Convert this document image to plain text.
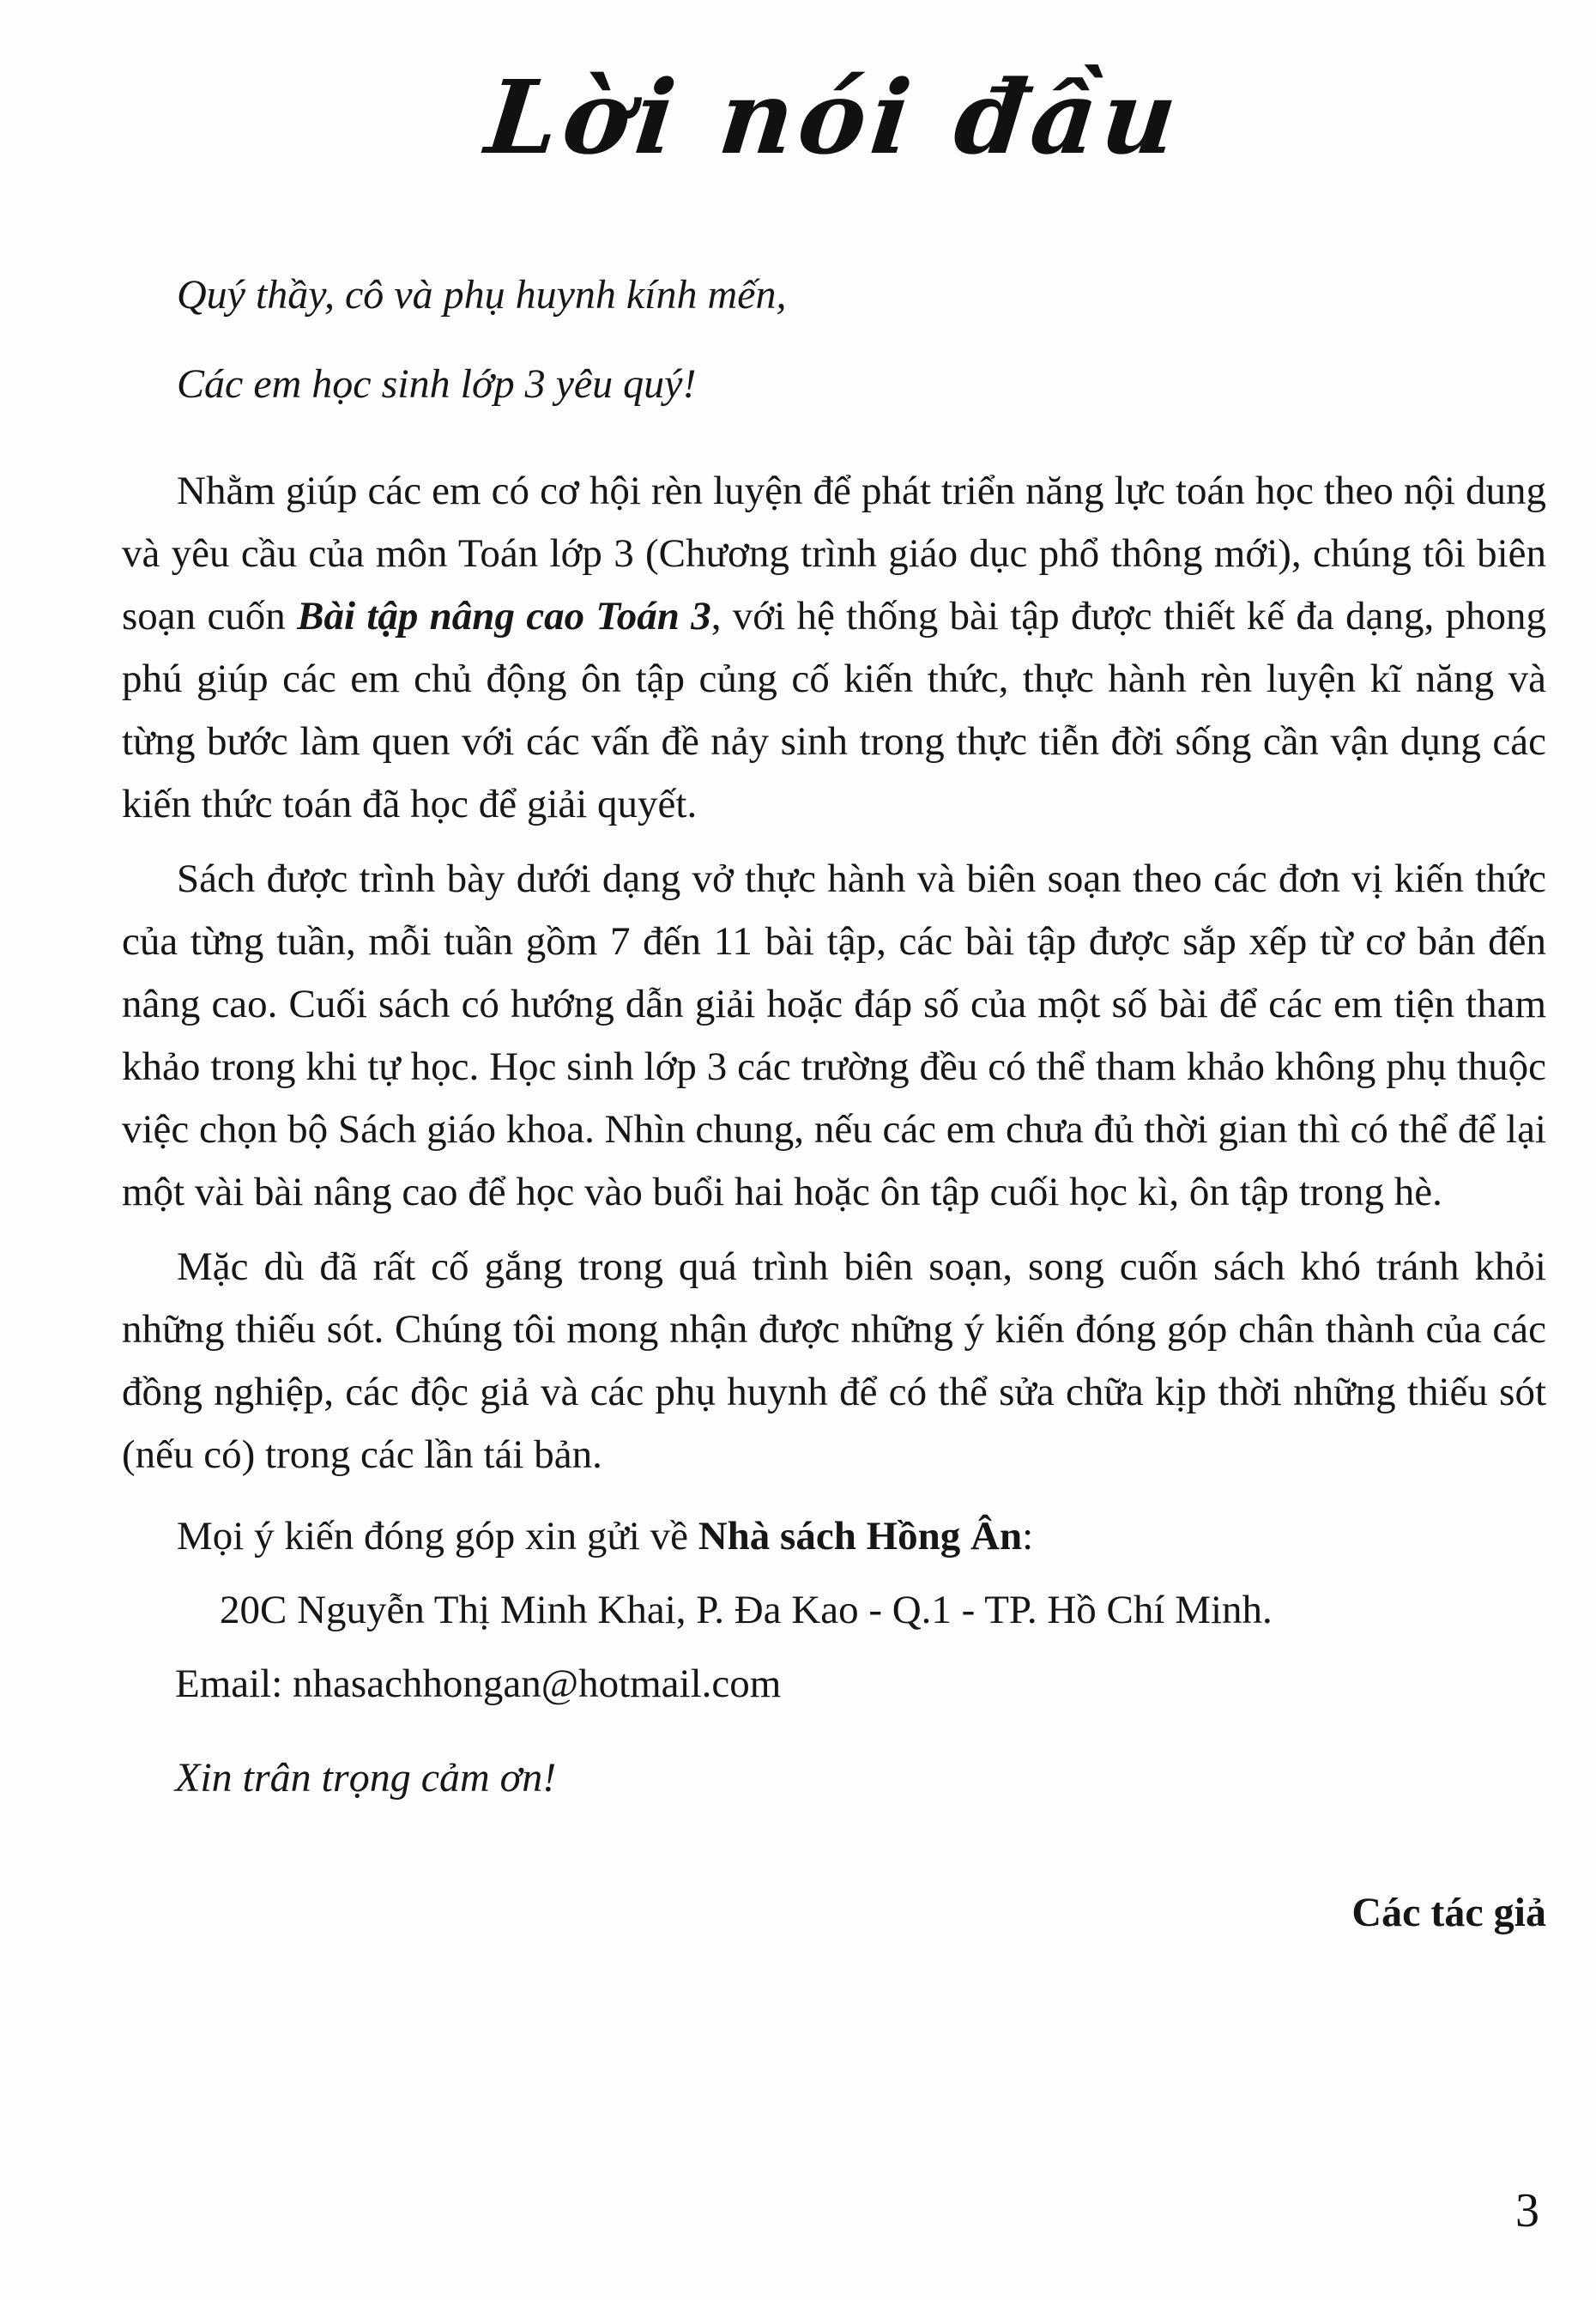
Lời nói đầu

Quý thầy, cô và phụ huynh kính mến,

Các em học sinh lớp 3 yêu quý!

Nhằm giúp các em có cơ hội rèn luyện để phát triển năng lực toán học theo nội dung và yêu cầu của môn Toán lớp 3 (Chương trình giáo dục phổ thông mới), chúng tôi biên soạn cuốn Bài tập nâng cao Toán 3, với hệ thống bài tập được thiết kế đa dạng, phong phú giúp các em chủ động ôn tập củng cố kiến thức, thực hành rèn luyện kĩ năng và từng bước làm quen với các vấn đề nảy sinh trong thực tiễn đời sống cần vận dụng các kiến thức toán đã học để giải quyết.

Sách được trình bày dưới dạng vở thực hành và biên soạn theo các đơn vị kiến thức của từng tuần, mỗi tuần gồm 7 đến 11 bài tập, các bài tập được sắp xếp từ cơ bản đến nâng cao. Cuối sách có hướng dẫn giải hoặc đáp số của một số bài để các em tiện tham khảo trong khi tự học. Học sinh lớp 3 các trường đều có thể tham khảo không phụ thuộc việc chọn bộ Sách giáo khoa. Nhìn chung, nếu các em chưa đủ thời gian thì có thể để lại một vài bài nâng cao để học vào buổi hai hoặc ôn tập cuối học kì, ôn tập trong hè.

Mặc dù đã rất cố gắng trong quá trình biên soạn, song cuốn sách khó tránh khỏi những thiếu sót. Chúng tôi mong nhận được những ý kiến đóng góp chân thành của các đồng nghiệp, các độc giả và các phụ huynh để có thể sửa chữa kịp thời những thiếu sót (nếu có) trong các lần tái bản.

Mọi ý kiến đóng góp xin gửi về Nhà sách Hồng Ân:

20C Nguyễn Thị Minh Khai, P. Đa Kao - Q.1 - TP. Hồ Chí Minh.

Email: nhasachhongan@hotmail.com

Xin trân trọng cảm ơn!

Các tác giả

3
